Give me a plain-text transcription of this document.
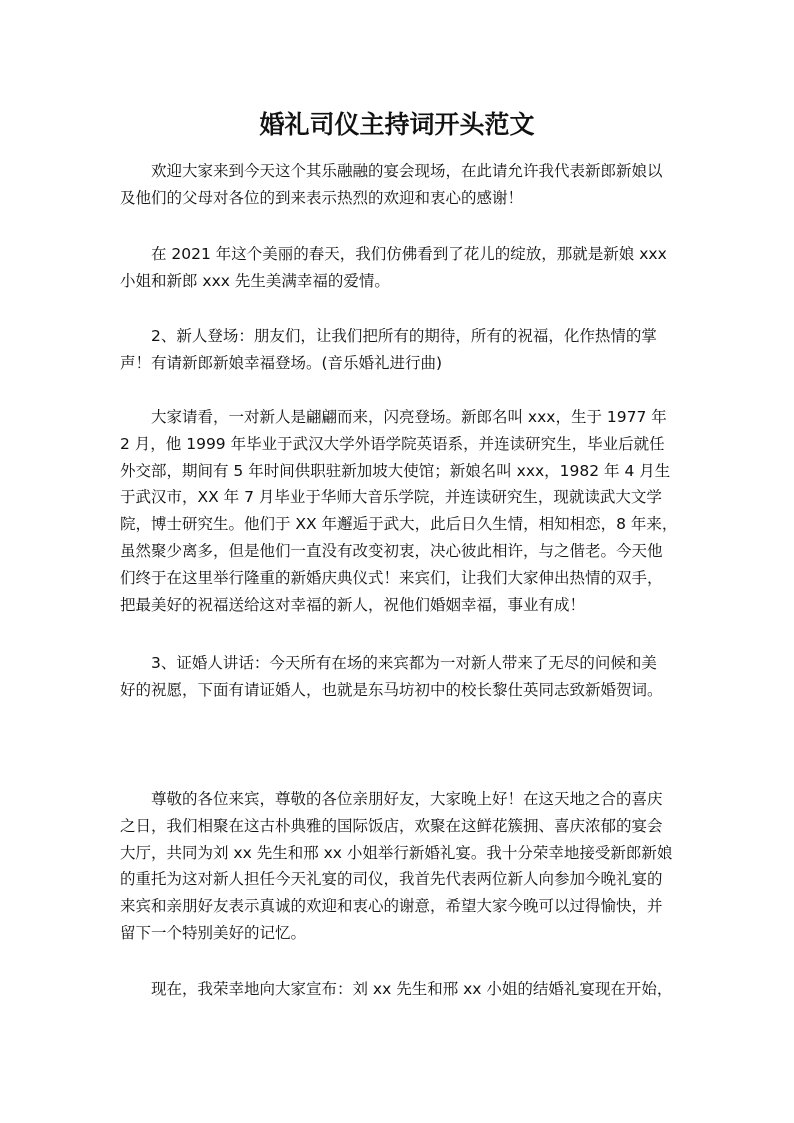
婚礼司仪主持词开头范文
欢迎大家来到今天这个其乐融融的宴会现场，在此请允许我代表新郎新娘以
及他们的父母对各位的到来表示热烈的欢迎和衷心的感谢！
在 2021 年这个美丽的春天，我们仿佛看到了花儿的绽放，那就是新娘 xxx
小姐和新郎 xxx 先生美满幸福的爱情。
2、新人登场：朋友们，让我们把所有的期待，所有的祝福，化作热情的掌
声！有请新郎新娘幸福登场。(音乐婚礼进行曲)
大家请看，一对新人是翩翩而来，闪亮登场。新郎名叫 xxx，生于 1977 年
2 月，他 1999 年毕业于武汉大学外语学院英语系，并连读研究生，毕业后就任
外交部，期间有 5 年时间供职驻新加坡大使馆；新娘名叫 xxx，1982 年 4 月生
于武汉市，XX 年 7 月毕业于华师大音乐学院，并连读研究生，现就读武大文学
院，博士研究生。他们于 XX 年邂逅于武大，此后日久生情，相知相恋，8 年来，
虽然聚少离多，但是他们一直没有改变初衷，决心彼此相许，与之偕老。今天他
们终于在这里举行隆重的新婚庆典仪式！来宾们，让我们大家伸出热情的双手，
把最美好的祝福送给这对幸福的新人，祝他们婚姻幸福，事业有成！
3、证婚人讲话：今天所有在场的来宾都为一对新人带来了无尽的问候和美
好的祝愿，下面有请证婚人，也就是东马坊初中的校长黎仕英同志致新婚贺词。
尊敬的各位来宾，尊敬的各位亲朋好友，大家晚上好！在这天地之合的喜庆
之日，我们相聚在这古朴典雅的国际饭店，欢聚在这鲜花簇拥、喜庆浓郁的宴会
大厅，共同为刘 xx 先生和邢 xx 小姐举行新婚礼宴。我十分荣幸地接受新郎新娘
的重托为这对新人担任今天礼宴的司仪，我首先代表两位新人向参加今晚礼宴的
来宾和亲朋好友表示真诚的欢迎和衷心的谢意，希望大家今晚可以过得愉快，并
留下一个特别美好的记忆。
现在，我荣幸地向大家宣布：刘 xx 先生和邢 xx 小姐的结婚礼宴现在开始，
